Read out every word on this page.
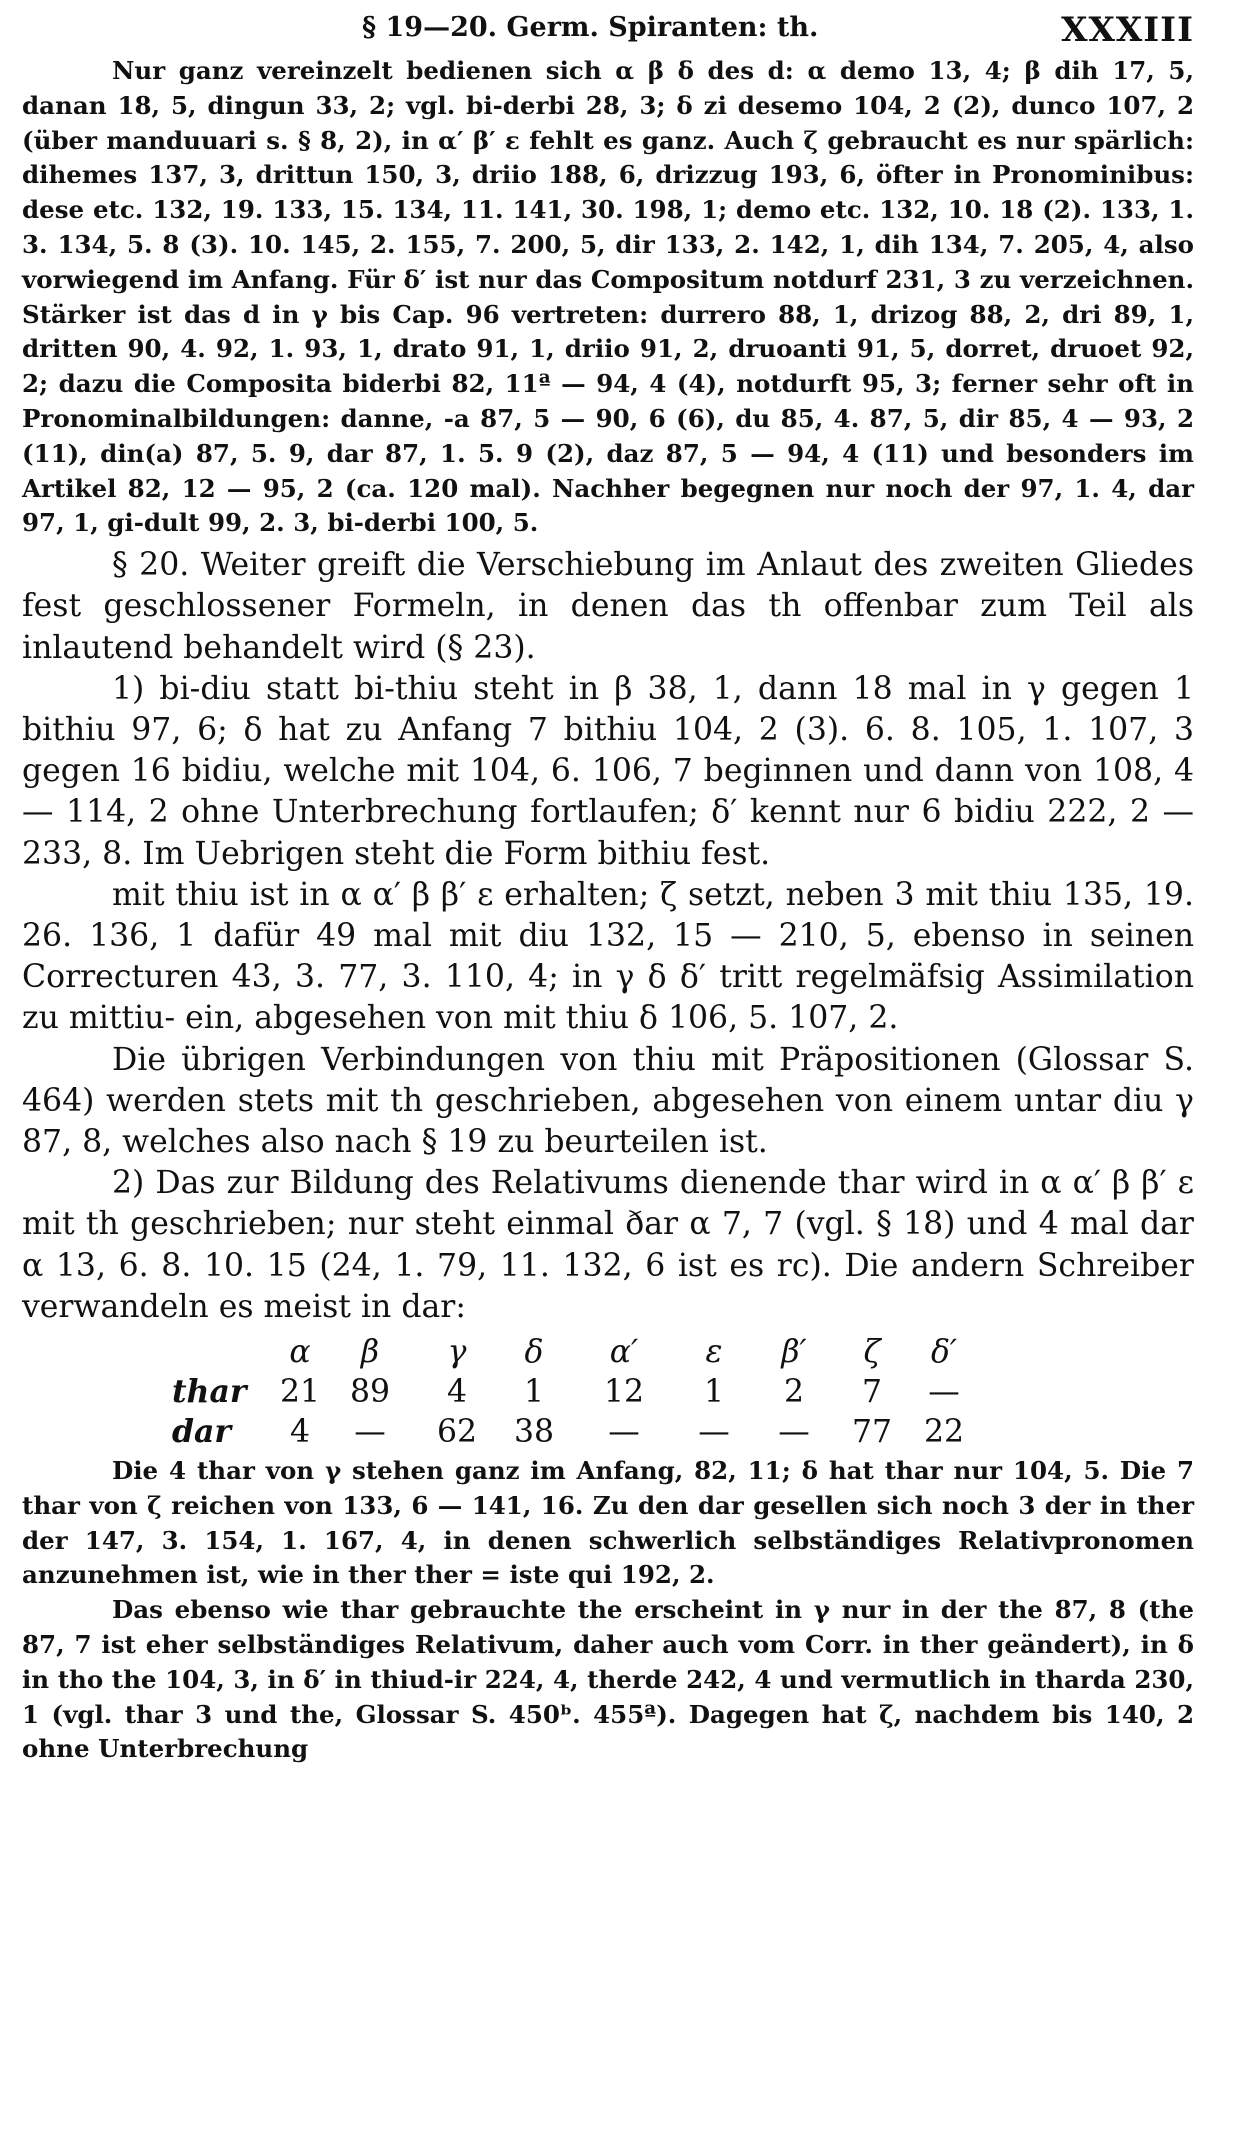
§ 19—20. Germ. Spiranten: th.	XXXIII

Nur ganz vereinzelt bedienen sich α β δ des d: α demo 13, 4; β dih 17, 5, danan 18, 5, dingun 33, 2; vgl. bi-derbi 28, 3; δ zi desemo 104, 2 (2), dunco 107, 2 (über manduuari s. § 8, 2), in α′ β′ ε fehlt es ganz. Auch ζ gebraucht es nur spärlich: dihemes 137, 3, drittun 150, 3, driio 188, 6, drizzug 193, 6, öfter in Pronominibus: dese etc. 132, 19. 133, 15. 134, 11. 141, 30. 198, 1; demo etc. 132, 10. 18 (2). 133, 1. 3. 134, 5. 8 (3). 10. 145, 2. 155, 7. 200, 5, dir 133, 2. 142, 1, dih 134, 7. 205, 4, also vorwiegend im Anfang. Für δ′ ist nur das Compositum notdurf 231, 3 zu verzeichnen. Stärker ist das d in γ bis Cap. 96 vertreten: durrero 88, 1, drizog 88, 2, dri 89, 1, dritten 90, 4. 92, 1. 93, 1, drato 91, 1, driio 91, 2, druoanti 91, 5, dorret, druoet 92, 2; dazu die Composita biderbi 82, 11ª — 94, 4 (4), notdurft 95, 3; ferner sehr oft in Pronominalbildungen: danne, -a 87, 5 — 90, 6 (6), du 85, 4. 87, 5, dir 85, 4 — 93, 2 (11), din(a) 87, 5. 9, dar 87, 1. 5. 9 (2), daz 87, 5 — 94, 4 (11) und besonders im Artikel 82, 12 — 95, 2 (ca. 120 mal). Nachher begegnen nur noch der 97, 1. 4, dar 97, 1, gi-dult 99, 2. 3, bi-derbi 100, 5.

§ 20. Weiter greift die Verschiebung im Anlaut des zweiten Gliedes fest geschlossener Formeln, in denen das th offenbar zum Teil als inlautend behandelt wird (§ 23).

1) bi-diu statt bi-thiu steht in β 38, 1, dann 18 mal in γ gegen 1 bithiu 97, 6; δ hat zu Anfang 7 bithiu 104, 2 (3). 6. 8. 105, 1. 107, 3 gegen 16 bidiu, welche mit 104, 6. 106, 7 beginnen und dann von 108, 4 — 114, 2 ohne Unterbrechung fortlaufen; δ′ kennt nur 6 bidiu 222, 2 — 233, 8. Im Uebrigen steht die Form bithiu fest.

mit thiu ist in α α′ β β′ ε erhalten; ζ setzt, neben 3 mit thiu 135, 19. 26. 136, 1 dafür 49 mal mit diu 132, 15 — 210, 5, ebenso in seinen Correcturen 43, 3. 77, 3. 110, 4; in γ δ δ′ tritt regelmäfsig Assimilation zu mittiu- ein, abgesehen von mit thiu δ 106, 5. 107, 2.

Die übrigen Verbindungen von thiu mit Präpositionen (Glossar S. 464) werden stets mit th geschrieben, abgesehen von einem untar diu γ 87, 8, welches also nach § 19 zu beurteilen ist.

2) Das zur Bildung des Relativums dienende thar wird in α α′ β β′ ε mit th geschrieben; nur steht einmal ðar α 7, 7 (vgl. § 18) und 4 mal dar α 13, 6. 8. 10. 15 (24, 1. 79, 11. 132, 6 ist es rc). Die andern Schreiber verwandeln es meist in dar:

α	β	γ	δ	α′	ε	β′	ζ	δ′
thar	21 89	4	1	12	1	2	7	—
dar	4	—	62	38	—	—	—	77	22

Die 4 thar von γ stehen ganz im Anfang, 82, 11; δ hat thar nur 104, 5. Die 7 thar von ζ reichen von 133, 6 — 141, 16. Zu den dar gesellen sich noch 3 der in ther der 147, 3. 154, 1. 167, 4, in denen schwerlich selbständiges Relativpronomen anzunehmen ist, wie in ther ther = iste qui 192, 2.

Das ebenso wie thar gebrauchte the erscheint in γ nur in der the 87, 8 (the 87, 7 ist eher selbständiges Relativum, daher auch vom Corr. in ther geändert), in δ in tho the 104, 3, in δ′ in thiud-ir 224, 4, therde 242, 4 und vermutlich in tharda 230, 1 (vgl. thar 3 und the, Glossar S. 450ᵇ. 455ª). Dagegen hat ζ, nachdem bis 140, 2 ohne Unterbrechung
